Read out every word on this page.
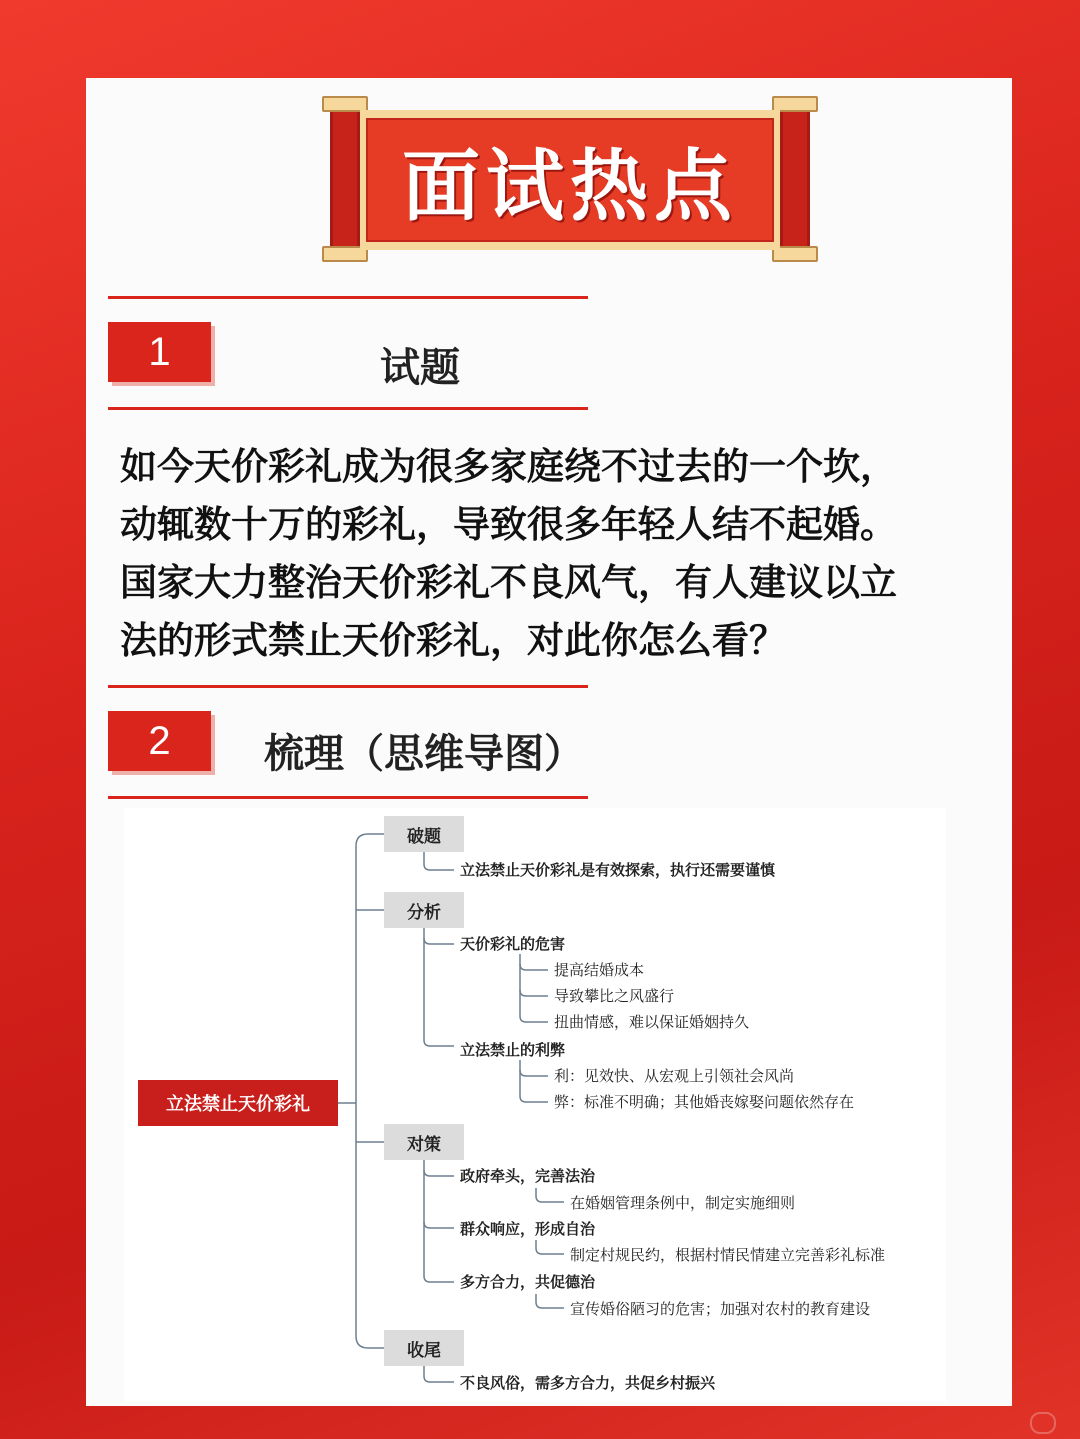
面试热点
1	试题
如今天价彩礼成为很多家庭绕不过去的一个坎，
动辄数十万的彩礼，导致很多年轻人结不起婚。
国家大力整治天价彩礼不良风气，有人建议以立
法的形式禁止天价彩礼，对此你怎么看？
2	梳理（思维导图）
立法禁止天价彩礼
破题
分析
对策
收尾
立法禁止天价彩礼是有效探索，执行还需要谨慎
天价彩礼的危害
提高结婚成本
导致攀比之风盛行
扭曲情感，难以保证婚姻持久
立法禁止的利弊
利：见效快、从宏观上引领社会风尚
弊：标准不明确；其他婚丧嫁娶问题依然存在
政府牵头，完善法治
在婚姻管理条例中，制定实施细则
群众响应，形成自治
制定村规民约，根据村情民情建立完善彩礼标准
多方合力，共促德治
宣传婚俗陋习的危害；加强对农村的教育建设
不良风俗，需多方合力，共促乡村振兴
